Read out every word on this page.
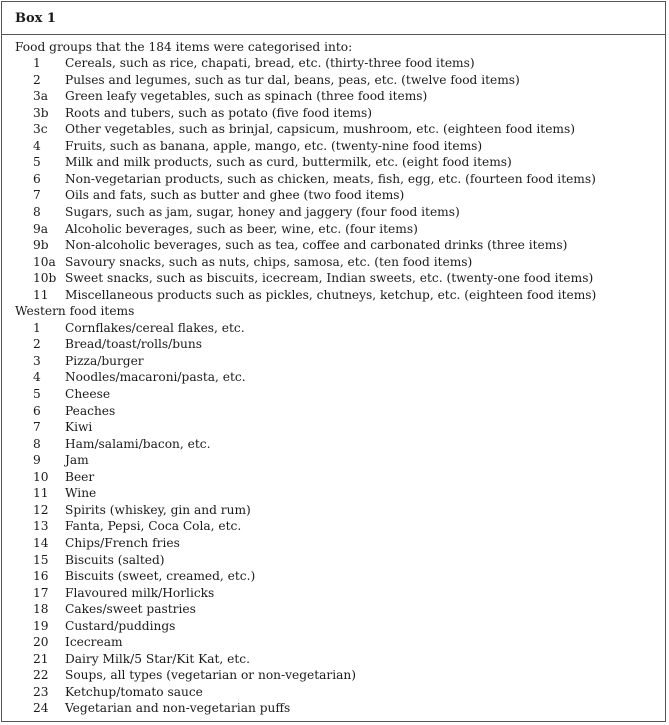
Box 1
Food groups that the 184 items were categorised into:
1	Cereals, such as rice, chapati, bread, etc. (thirty-three food items)
2	Pulses and legumes, such as tur dal, beans, peas, etc. (twelve food items)
3a	Green leafy vegetables, such as spinach (three food items)
3b	Roots and tubers, such as potato (five food items)
3c	Other vegetables, such as brinjal, capsicum, mushroom, etc. (eighteen food items)
4	Fruits, such as banana, apple, mango, etc. (twenty-nine food items)
5	Milk and milk products, such as curd, buttermilk, etc. (eight food items)
6	Non-vegetarian products, such as chicken, meats, fish, egg, etc. (fourteen food items)
7	Oils and fats, such as butter and ghee (two food items)
8	Sugars, such as jam, sugar, honey and jaggery (four food items)
9a	Alcoholic beverages, such as beer, wine, etc. (four items)
9b	Non-alcoholic beverages, such as tea, coffee and carbonated drinks (three items)
10a Savoury snacks, such as nuts, chips, samosa, etc. (ten food items)
10b Sweet snacks, such as biscuits, icecream, Indian sweets, etc. (twenty-one food items)
11	Miscellaneous products such as pickles, chutneys, ketchup, etc. (eighteen food items)
Western food items
1	Cornflakes/cereal flakes, etc.
2	Bread/toast/rolls/buns
3	Pizza/burger
4	Noodles/macaroni/pasta, etc.
5	Cheese
6	Peaches
7	Kiwi
8	Ham/salami/bacon, etc.
9	Jam
10	Beer
11	Wine
12	Spirits (whiskey, gin and rum)
13	Fanta, Pepsi, Coca Cola, etc.
14	Chips/French fries
15	Biscuits (salted)
16	Biscuits (sweet, creamed, etc.)
17	Flavoured milk/Horlicks
18	Cakes/sweet pastries
19	Custard/puddings
20	Icecream
21	Dairy Milk/5 Star/Kit Kat, etc.
22	Soups, all types (vegetarian or non-vegetarian)
23	Ketchup/tomato sauce
24	Vegetarian and non-vegetarian puffs
